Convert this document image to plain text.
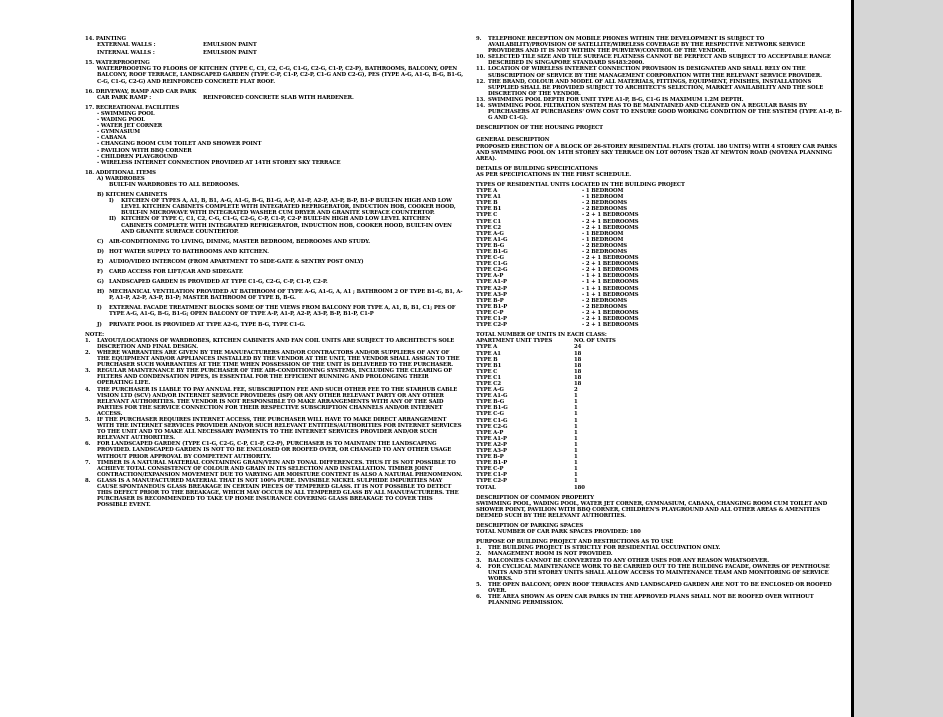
14. PAINTING
EXTERNAL WALLS :	EMULSION PAINT
INTERNAL WALLS :	EMULSION PAINT
15. WATERPROOFING
WATERPROOFING TO FLOORS OF KITCHEN (TYPE C, C1, C2, C-G, C1-G, C2-G, C1-P, C2-P), BATHROOMS, BALCONY, OPEN BALCONY, ROOF TERRACE, LANDSCAPED GARDEN (TYPE C-P, C1-P, C2-P, C1-G AND C2-G), PES (TYPE A-G, A1-G, B-G, B1-G, C-G, C1-G, C2-G) AND REINFORCED CONCRETE FLAT ROOF.
16. DRIVEWAY, RAMP AND CAR PARK
CAR PARK RAMP :	REINFORCED CONCRETE SLAB WITH HARDENER.
17. RECREATIONAL FACILITIES
- SWIMMING POOL
- WADING POOL
- WATER JET CORNER
- GYMNASIUM
- CABANA
- CHANGING ROOM CUM TOILET AND SHOWER POINT
- PAVILION WITH BBQ CORNER
- CHILDREN PLAYGROUND
- WIRELESS INTERNET CONNECTION PROVIDED AT 14TH STOREY SKY TERRACE
18. ADDITIONAL ITEMS
A) WARDROBES
BUILT-IN WARDROBES TO ALL BEDROOMS.
B) KITCHEN CABINETS
I)	KITCHEN OF TYPES A, A1, B, B1, A-G, A1-G, B-G, B1-G, A-P, A1-P, A2-P, A3-P, B-P, B1-P BUILT-IN HIGH AND LOW LEVEL KITCHEN CABINETS COMPLETE WITH INTEGRATED REFRIGERATOR, INDUCTION HOB, COOKER HOOD, BUILT-IN MICROWAVE WITH INTEGRATED WASHER CUM DRYER AND GRANITE SURFACE COUNTERTOP.
II) KITCHEN OF TYPE C, C1, C2, C-G, C1-G, C2-G, C-P, C1-P, C2-P BUILT-IN HIGH AND LOW LEVEL KITCHEN CABINETS COMPLETE WITH INTEGRATED REFRIGERATOR, INDUCTION HOB, COOKER HOOD, BUILT-IN OVEN AND GRANITE SURFACE COUNTERTOP.
C)	AIR-CONDITIONING TO LIVING, DINING, MASTER BEDROOM, BEDROOMS AND STUDY.
D) HOT WATER SUPPLY TO BATHROOMS AND KITCHEN.
E)	AUDIO/VIDEO INTERCOM (FROM APARTMENT TO SIDE-GATE & SENTRY POST ONLY)
F)	CARD ACCESS FOR LIFT/CAR AND SIDEGATE
G) LANDSCAPED GARDEN IS PROVIDED AT TYPE C1-G, C2-G, C-P, C1-P, C2-P.
H) MECHANICAL VENTILATION PROVIDED AT BATHROOM OF TYPE A-G, A1-G, A, A1 ; BATHROOM 2 OF TYPE B1-G, B1, A-P, A1-P, A2-P, A3-P, B1-P; MASTER BATHROOM OF TYPE B, B-G.
I)	EXTERNAL FACADE TREATMENT BLOCKS SOME OF THE VIEWS FROM BALCONY FOR TYPE A, A1, B, B1, C1; PES OF TYPE A-G, A1-G, B-G, B1-G; OPEN BALCONY OF TYPE A-P, A1-P, A2-P, A3-P, B-P, B1-P, C1-P
J)	PRIVATE POOL IS PROVIDED AT TYPE A2-G, TYPE B-G, TYPE C1-G.
NOTE:
1.	LAYOUT/LOCATIONS OF WARDROBES, KITCHEN CABINETS AND FAN COIL UNITS ARE SUBJECT TO ARCHITECT'S SOLE DISCRETION AND FINAL DESIGN.
2.	WHERE WARRANTIES ARE GIVEN BY THE MANUFACTURERS AND/OR CONTRACTORS AND/OR SUPPLIERS OF ANY OF THE EQUIPMENT AND/OR APPLIANCES INSTALLED BY THE VENDOR AT THE UNIT, THE VENDOR SHALL ASSIGN TO THE PURCHASER SUCH WARRANTIES AT THE TIME WHEN POSSESSION OF THE UNIT IS DELIVERED TO THE PURCHASER.
3.	REGULAR MAINTENANCE BY THE PURCHASER OF THE AIR-CONDITIONING SYSTEMS, INCLUDING THE CLEARING OF FILTERS AND CONDENSATION PIPES, IS ESSENTIAL FOR THE EFFICIENT RUNNING AND PROLONGING THEIR OPERATING LIFE.
4.	THE PURCHASER IS LIABLE TO PAY ANNUAL FEE, SUBSCRIPTION FEE AND SUCH OTHER FEE TO THE STARHUB CABLE VISION LTD (SCV) AND/OR INTERNET SERVICE PROVIDERS (ISP) OR ANY OTHER RELEVANT PARTY OR ANY OTHER RELEVANT AUTHORITIES. THE VENDOR IS NOT RESPONSIBLE TO MAKE ARRANGEMENTS WITH ANY OF THE SAID PARTIES FOR THE SERVICE CONNECTION FOR THEIR RESPECTIVE SUBSCRIPTION CHANNELS AND/OR INTERNET ACCESS.
5.	IF THE PURCHASER REQUIRES INTERNET ACCESS, THE PURCHASER WILL HAVE TO MAKE DIRECT ARRANGEMENT WITH THE INTERNET SERVICES PROVIDER AND/OR SUCH RELEVANT ENTITIES/AUTHORITIES FOR INTERNET SERVICES TO THE UNIT AND TO MAKE ALL NECESSARY PAYMENTS TO THE INTERNET SERVICES PROVIDER AND/OR SUCH RELEVANT AUTHORITIES.
6.	FOR LANDSCAPED GARDEN (TYPE C1-G, C2-G, C-P, C1-P, C2-P), PURCHASER IS TO MAINTAIN THE LANDSCAPING PROVIDED. LANDSCAPED GARDEN IS NOT TO BE ENCLOSED OR ROOFED OVER, OR CHANGED TO ANY OTHER USAGE WITHOUT PRIOR APPROVAL BY COMPETENT AUTHORITY.
7.	TIMBER IS A NATURAL MATERIAL CONTAINING GRAIN/VEIN AND TONAL DIFFERENCES. THUS IT IS NOT POSSIBLE TO ACHIEVE TOTAL CONSISTENCY OF COLOUR AND GRAIN IN ITS SELECTION AND INSTALLATION. TIMBER JOINT CONTRACTION/EXPANSION MOVEMENT DUE TO VARYING AIR MOISTURE CONTENT IS ALSO A NATURAL PHENOMENON.
8.	GLASS IS A MANUFACTURED MATERIAL THAT IS NOT 100% PURE. INVISIBLE NICKEL SULPHIDE IMPURITIES MAY CAUSE SPONTANEOUS GLASS BREAKAGE IN CERTAIN PIECES OF TEMPERED GLASS. IT IS NOT POSSIBLE TO DETECT THIS DEFECT PRIOR TO THE BREAKAGE, WHICH MAY OCCUR IN ALL TEMPERED GLASS BY ALL MANUFACTURERS. THE PURCHASER IS RECOMMENDED TO TAKE UP HOME INSURANCE COVERING GLASS BREAKAGE TO COVER THIS POSSIBLE EVENT.
9.	TELEPHONE RECEPTION ON MOBILE PHONES WITHIN THE DEVELOPMENT IS SUBJECT TO AVAILABILITY/PROVISION OF SATELLITE/WIRELESS COVERAGE BY THE RESPECTIVE NETWORK SERVICE PROVIDERS AND IT IS NOT WITHIN THE PURVIEW/CONTROL OF THE VENDOR.
10. SELECTED TILE SIZE AND TILE SURFACE FLATNESS CANNOT BE PERFECT AND SUBJECT TO ACCEPTABLE RANGE DESCRIBED IN SINGAPORE STANDARD SS483:2000.
11. LOCATION OF WIRELESS INTERNET CONNECTION PROVISION IS DESIGNATED AND SHALL RELY ON THE SUBSCRIPTION OF SERVICE BY THE MANAGEMENT CORPORATION WITH THE RELEVANT SERVICE PROVIDER.
12. THE BRAND, COLOUR AND MODEL OF ALL MATERIALS, FITTINGS, EQUIPMENT, FINISHES, INSTALLATIONS SUPPLIED SHALL BE PROVIDED SUBJECT TO ARCHITECT'S SELECTION, MARKET AVAILABILITY AND THE SOLE DISCRETION OF THE VENDOR.
13. SWIMMING POOL DEPTH FOR UNIT TYPE A1-P, B-G, C1-G IS MAXIMUM 1.2M DEPTH.
14. SWIMMING POOL FILTRATION SYSTEM HAS TO BE MAINTAINED AND CLEANED ON A REGULAR BASIS BY PURCHASERS AT PURCHASERS' OWN COST TO ENSURE GOOD WORKING CONDITION OF THE SYSTEM (TYPE A1-P, B-G AND C1-G).
DESCRIPTION OF THE HOUSING PROJECT
GENERAL DESCRIPTION
PROPOSED ERECTION OF A BLOCK OF 26-STOREY RESIDENTIAL FLATS (TOTAL 180 UNITS) WITH 4 STOREY CAR PARKS AND SWIMMING POOL ON 14TH STOREY SKY TERRACE ON LOT 00709N TS28 AT NEWTON ROAD (NOVENA PLANNING AREA).
DETAILS OF BUILDING SPECIFICATIONS
AS PER SPECIFICATIONS IN THE FIRST SCHEDULE.
TYPES OF RESIDENTIAL UNITS LOCATED IN THE BUILDING PROJECT
TYPE A	- 1 BEDROOM
TYPE A1	- 1 BEDROOM
TYPE B	- 2 BEDROOMS
TYPE B1	- 2 BEDROOMS
TYPE C	- 2 + 1 BEDROOMS
TYPE C1	- 2 + 1 BEDROOMS
TYPE C2	- 2 + 1 BEDROOMS
TYPE A-G	- 1 BEDROOM
TYPE A1-G	- 1 BEDROOM
TYPE B-G	- 2 BEDROOMS
TYPE B1-G	- 2 BEDROOMS
TYPE C-G	- 2 + 1 BEDROOMS
TYPE C1-G	- 2 + 1 BEDROOMS
TYPE C2-G	- 2 + 1 BEDROOMS
TYPE A-P	- 1 + 1 BEDROOMS
TYPE A1-P	- 1 + 1 BEDROOMS
TYPE A2-P	- 1 + 1 BEDROOMS
TYPE A3-P	- 1 + 1 BEDROOMS
TYPE B-P	- 2 BEDROOMS
TYPE B1-P	- 2 BEDROOMS
TYPE C-P	- 2 + 1 BEDROOMS
TYPE C1-P	- 2 + 1 BEDROOMS
TYPE C2-P	- 2 + 1 BEDROOMS
TOTAL NUMBER OF UNITS IN EACH CLASS:
APARTMENT UNIT TYPES	NO. OF UNITS
TYPE A	24
TYPE A1	18
TYPE B	18
TYPE B1	18
TYPE C	18
TYPE C1	18
TYPE C2	18
TYPE A-G	2
TYPE A1-G	1
TYPE B-G	1
TYPE B1-G	1
TYPE C-G	1
TYPE C1-G	1
TYPE C2-G	1
TYPE A-P	1
TYPE A1-P	1
TYPE A2-P	1
TYPE A3-P	1
TYPE B-P	1
TYPE B1-P	1
TYPE C-P	1
TYPE C1-P	1
TYPE C2-P	1
TOTAL	180
DESCRIPTION OF COMMON PROPERTY
SWIMMING POOL, WADING POOL, WATER JET CORNER, GYMNASIUM, CABANA, CHANGING ROOM CUM TOILET AND SHOWER POINT, PAVILION WITH BBQ CORNER, CHILDREN'S PLAYGROUND AND ALL OTHER AREAS & AMENITIES DEEMED SUCH BY THE RELEVANT AUTHORITIES.
DESCRIPTION OF PARKING SPACES
TOTAL NUMBER OF CAR PARK SPACES PROVIDED: 180
PURPOSE OF BUILDING PROJECT AND RESTRICTIONS AS TO USE
1.	THE BUILDING PROJECT IS STRICTLY FOR RESIDENTIAL OCCUPATION ONLY.
2.	MANAGEMENT ROOM IS NOT PROVIDED.
3.	BALCONIES CANNOT BE CONVERTED TO ANY OTHER USES FOR ANY REASON WHATSOEVER.
4.	FOR CYCLICAL MAINTENANCE WORK TO BE CARRIED OUT TO THE BUILDING FACADE, OWNERS OF PENTHOUSE UNITS AND 5TH STOREY UNITS SHALL ALLOW ACCESS TO MAINTENANCE TEAM AND MONITORING OF SERVICE WORKS.
5.	THE OPEN BALCONY, OPEN ROOF TERRACES AND LANDSCAPED GARDEN ARE NOT TO BE ENCLOSED OR ROOFED OVER.
6.	THE AREA SHOWN AS OPEN CAR PARKS IN THE APPROVED PLANS SHALL NOT BE ROOFED OVER WITHOUT PLANNING PERMISSION.
